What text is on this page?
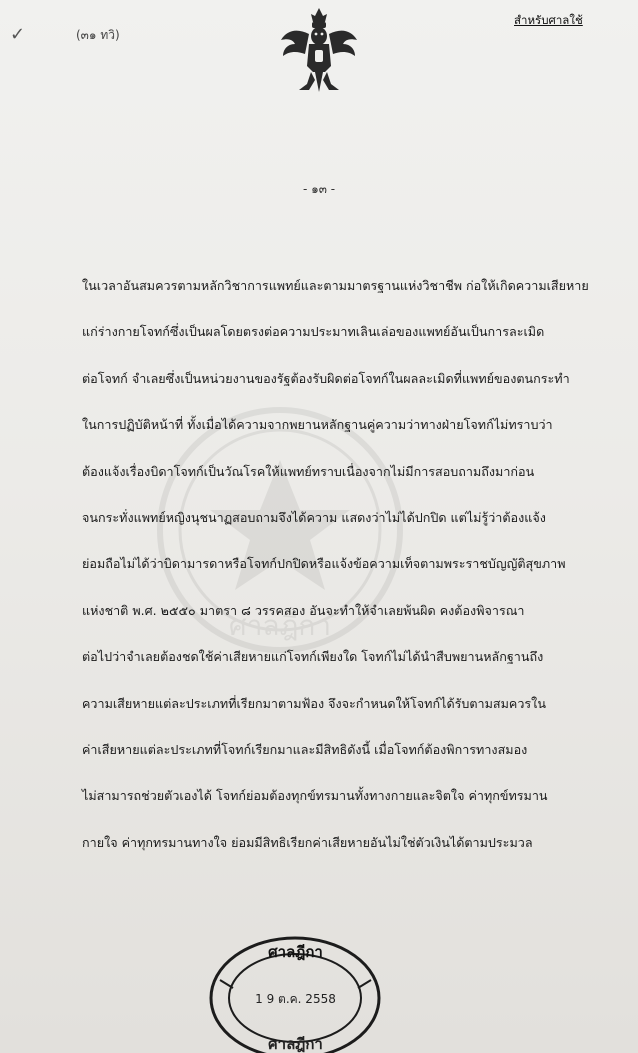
✓	(๓๑ ทวิ)
สำหรับศาลใช้
- ๑๓ -
ศาลฎีกา
ในเวลาอันสมควรตามหลักวิชาการแพทย์และตามมาตรฐานแห่งวิชาชีพ ก่อให้เกิดความเสียหาย
แก่ร่างกายโจทก์ซึ่งเป็นผลโดยตรงต่อความประมาทเลินเล่อของแพทย์อันเป็นการละเมิด
ต่อโจทก์ จำเลยซึ่งเป็นหน่วยงานของรัฐต้องรับผิดต่อโจทก์ในผลละเมิดที่แพทย์ของตนกระทำ
ในการปฏิบัติหน้าที่ ทั้งเมื่อได้ความจากพยานหลักฐานคู่ความว่าทางฝ่ายโจทก์ไม่ทราบว่า
ต้องแจ้งเรื่องบิดาโจทก์เป็นวัณโรคให้แพทย์ทราบเนื่องจากไม่มีการสอบถามถึงมาก่อน
จนกระทั่งแพทย์หญิงนุชนาฏสอบถามจึงได้ความ แสดงว่าไม่ได้ปกปิด แต่ไม่รู้ว่าต้องแจ้ง
ย่อมถือไม่ได้ว่าบิดามารดาหรือโจทก์ปกปิดหรือแจ้งข้อความเท็จตามพระราชบัญญัติสุขภาพ
แห่งชาติ พ.ศ. ๒๕๕๐ มาตรา ๘ วรรคสอง อันจะทำให้จำเลยพ้นผิด คงต้องพิจารณา
ต่อไปว่าจำเลยต้องชดใช้ค่าเสียหายแก่โจทก์เพียงใด โจทก์ไม่ได้นำสืบพยานหลักฐานถึง
ความเสียหายแต่ละประเภทที่เรียกมาตามฟ้อง จึงจะกำหนดให้โจทก์ได้รับตามสมควรใน
ค่าเสียหายแต่ละประเภทที่โจทก์เรียกมาและมีสิทธิดังนี้ เมื่อโจทก์ต้องพิการทางสมอง
ไม่สามารถช่วยตัวเองได้ โจทก์ย่อมต้องทุกข์ทรมานทั้งทางกายและจิตใจ ค่าทุกข์ทรมาน
กายใจ ค่าทุกทรมานทางใจ ย่อมมีสิทธิเรียกค่าเสียหายอันไม่ใช่ตัวเงินได้ตามประมวล
ศาลฎีกา
1 9 ต.ค. 2558
ศาลฎีกา
